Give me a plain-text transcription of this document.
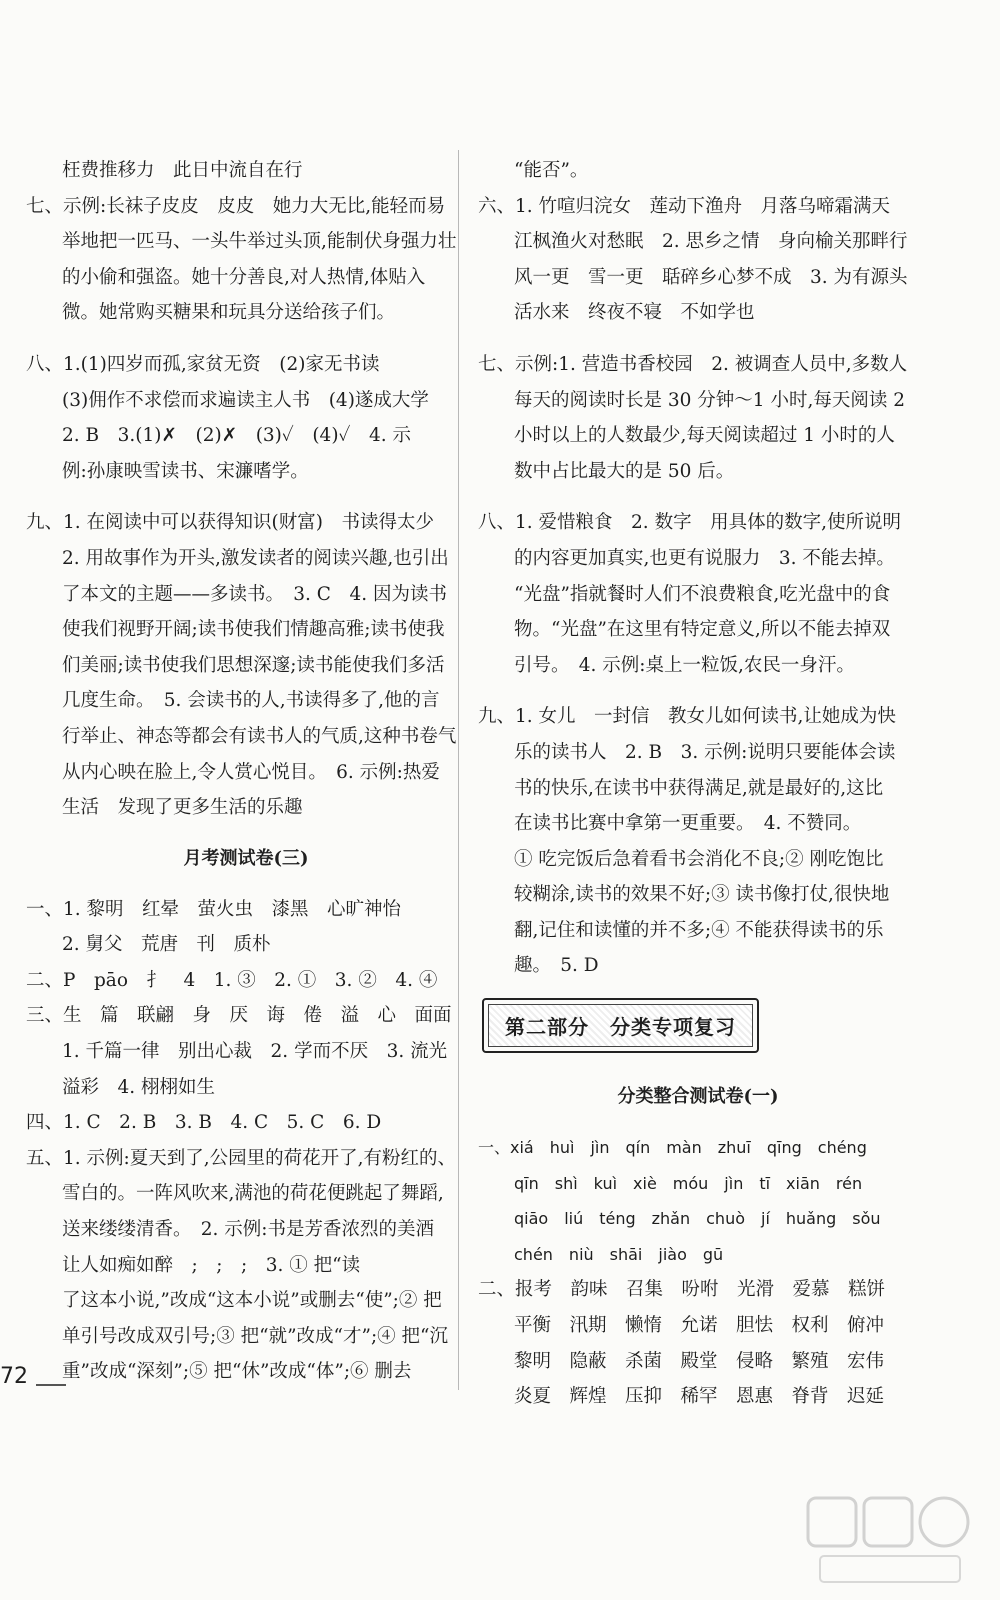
枉费推移力　此日中流自在行
七、示例:长袜子皮皮　皮皮　她力大无比,能轻而易
举地把一匹马、一头牛举过头顶,能制伏身强力壮
的小偷和强盗。她十分善良,对人热情,体贴入
微。她常购买糖果和玩具分送给孩子们。
八、1.(1)四岁而孤,家贫无资　(2)家无书读
(3)佣作不求偿而求遍读主人书　(4)遂成大学
2. B　3.(1)✗　(2)✗　(3)✓　(4)✓　4. 示
例:孙康映雪读书、宋濂嗜学。
九、1. 在阅读中可以获得知识(财富)　书读得太少
2. 用故事作为开头,激发读者的阅读兴趣,也引出
了本文的主题——多读书。　3. C　4. 因为读书
使我们视野开阔;读书使我们情趣高雅;读书使我
们美丽;读书使我们思想深邃;读书能使我们多活
几度生命。　5. 会读书的人,书读得多了,他的言
行举止、神态等都会有读书人的气质,这种书卷气
从内心映在脸上,令人赏心悦目。　6. 示例:热爱
生活　发现了更多生活的乐趣
月考测试卷(三)
一、1. 黎明　红晕　萤火虫　漆黑　心旷神怡
2. 舅父　荒唐　刊　质朴
二、P　pāo　扌　4　1. ③　2. ①　3. ②　4. ④
三、生　篇　联翩　身　厌　诲　倦　溢　心　面面
1. 千篇一律　别出心裁　2. 学而不厌　3. 流光
溢彩　4. 栩栩如生
四、1. C　2. B　3. B　4. C　5. C　6. D
五、1. 示例:夏天到了,公园里的荷花开了,有粉红的、
雪白的。一阵风吹来,满池的荷花便跳起了舞蹈,
送来缕缕清香。　2. 示例:书是芳香浓烈的美酒
让人如痴如醉　;　;　;　3. ① 把“读
了这本小说,”改成“这本小说”或删去“使”;② 把
单引号改成双引号;③ 把“就”改成“才”;④ 把“沉
重”改成“深刻”;⑤ 把“休”改成“体”;⑥ 删去
“能否”。
六、1. 竹喧归浣女　莲动下渔舟　月落乌啼霜满天
江枫渔火对愁眠　2. 思乡之情　身向榆关那畔行
风一更　雪一更　聒碎乡心梦不成　3. 为有源头
活水来　终夜不寝　不如学也
七、示例:1. 营造书香校园　2. 被调查人员中,多数人
每天的阅读时长是 30 分钟～1 小时,每天阅读 2
小时以上的人数最少,每天阅读超过 1 小时的人
数中占比最大的是 50 后。
八、1. 爱惜粮食　2. 数字　用具体的数字,使所说明
的内容更加真实,也更有说服力　3. 不能去掉。
“光盘”指就餐时人们不浪费粮食,吃光盘中的食
物。“光盘”在这里有特定意义,所以不能去掉双
引号。　4. 示例:桌上一粒饭,农民一身汗。
九、1. 女儿　一封信　教女儿如何读书,让她成为快
乐的读书人　2. B　3. 示例:说明只要能体会读
书的快乐,在读书中获得满足,就是最好的,这比
在读书比赛中拿第一更重要。　4. 不赞同。
① 吃完饭后急着看书会消化不良;② 刚吃饱比
较糊涂,读书的效果不好;③ 读书像打仗,很快地
翻,记住和读懂的并不多;④ 不能获得读书的乐
趣。　5. D
第二部分　分类专项复习
分类整合测试卷(一)
一、xiá　huì　jìn　qín　màn　zhuī　qīng　chéng
qīn　shì　kuì　xiè　móu　jìn　tī　xiān　rén
qiāo　liú　téng　zhǎn　chuò　jí　huǎng　sǒu
chén　niù　shāi　jiào　gū
二、报考　韵味　召集　吩咐　光滑　爱慕　糕饼
平衡　汛期　懒惰　允诺　胆怯　权利　俯冲
黎明　隐蔽　杀菌　殿堂　侵略　繁殖　宏伟
炎夏　辉煌　压抑　稀罕　恩惠　脊背　迟延
72
